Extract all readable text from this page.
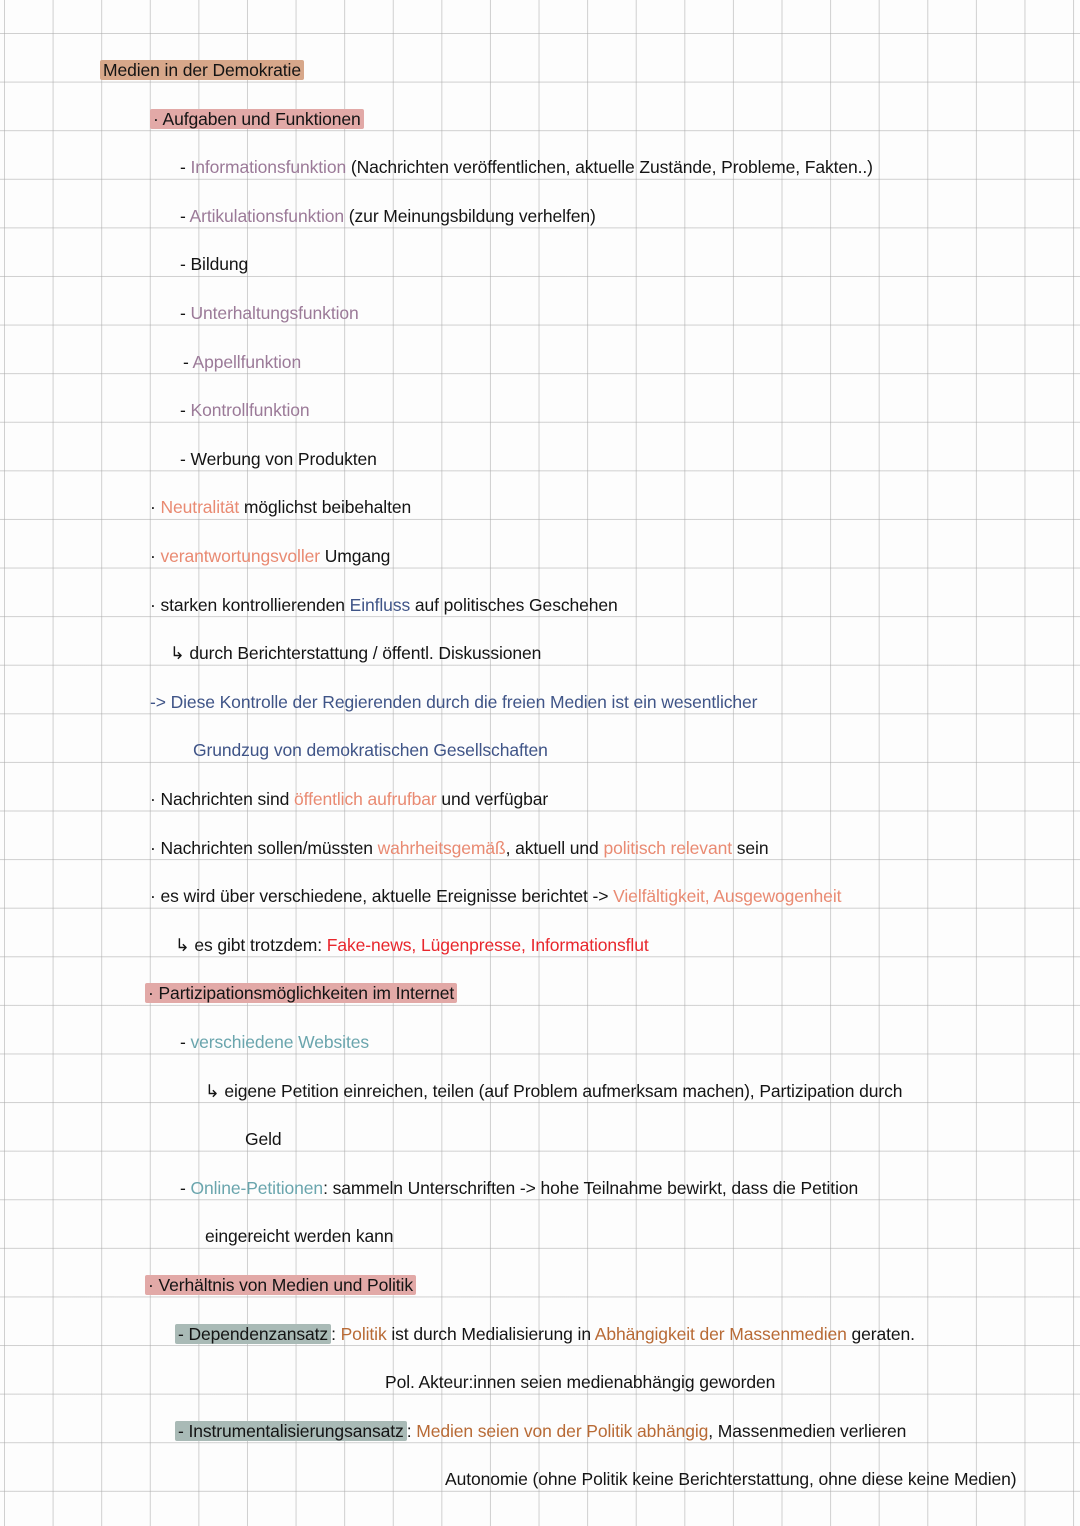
Medien in der Demokratie
· Aufgaben und Funktionen
- Informationsfunktion (Nachrichten veröffentlichen, aktuelle Zustände, Probleme, Fakten..)
- Artikulationsfunktion (zur Meinungsbildung verhelfen)
- Bildung
- Unterhaltungsfunktion
- Appellfunktion
- Kontrollfunktion
- Werbung von Produkten
· Neutralität möglichst beibehalten
· verantwortungsvoller Umgang
· starken kontrollierenden Einfluss auf politisches Geschehen
↳ durch Berichterstattung / öffentl. Diskussionen
-> Diese Kontrolle der Regierenden durch die freien Medien ist ein wesentlicher
Grundzug von demokratischen Gesellschaften
· Nachrichten sind öffentlich aufrufbar und verfügbar
· Nachrichten sollen/müssten wahrheitsgemäß, aktuell und politisch relevant sein
· es wird über verschiedene, aktuelle Ereignisse berichtet -> Vielfältigkeit, Ausgewogenheit
↳ es gibt trotzdem: Fake-news, Lügenpresse, Informationsflut
· Partizipationsmöglichkeiten im Internet
- verschiedene Websites
↳ eigene Petition einreichen, teilen (auf Problem aufmerksam machen), Partizipation durch
Geld
- Online-Petitionen: sammeln Unterschriften -> hohe Teilnahme bewirkt, dass die Petition
eingereicht werden kann
· Verhältnis von Medien und Politik
- Dependenzansatz : Politik ist durch Medialisierung in Abhängigkeit der Massenmedien geraten.
Pol. Akteur:innen seien medienabhängig geworden
- Instrumentalisierungsansatz : Medien seien von der Politik abhängig, Massenmedien verlieren
Autonomie (ohne Politik keine Berichterstattung, ohne diese keine Medien)
